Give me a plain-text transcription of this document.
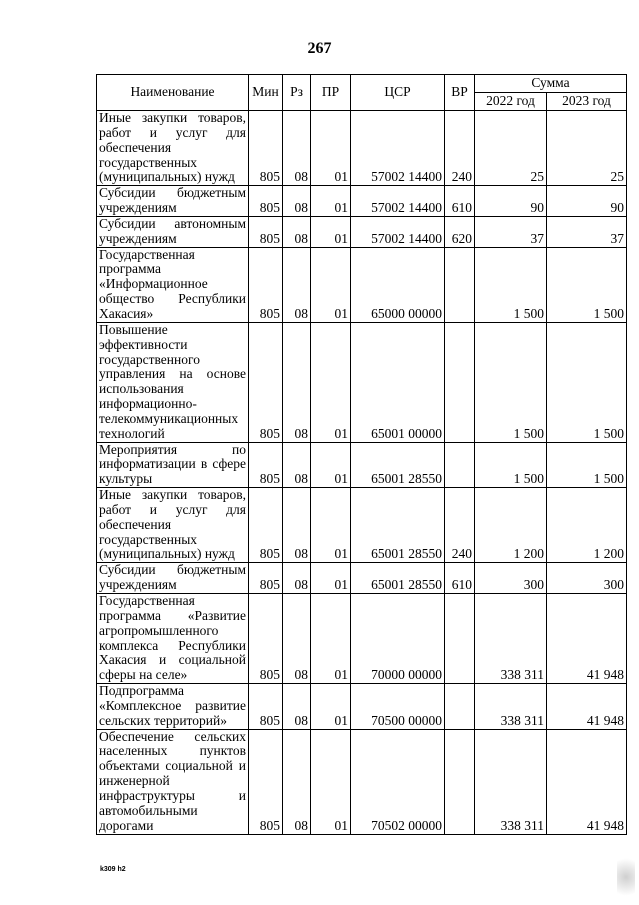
267
Наименование	Мин	Рз	ПР	ЦСР	ВР	Сумма	
						2022 год	2023 год
Иные закупки товаров, работ и услуг для обеспечения государственных (муниципальных) нужд	805	08	01	57002 14400	240	25	25
Субсидии бюджетным учреждениям	805	08	01	57002 14400	610	90	90
Субсидии автономным учреждениям	805	08	01	57002 14400	620	37	37
Государственная программа «Информационное общество Республики Хакасия»	805	08	01	65000 00000		1 500	1 500
Повышение эффективности государственного управления на основе использования информационно-телекоммуникационных технологий	805	08	01	65001 00000		1 500	1 500
Мероприятия по информатизации в сфере культуры	805	08	01	65001 28550		1 500	1 500
Иные закупки товаров, работ и услуг для обеспечения государственных (муниципальных) нужд	805	08	01	65001 28550	240	1 200	1 200
Субсидии бюджетным учреждениям	805	08	01	65001 28550	610	300	300
Государственная программа «Развитие агропромышленного комплекса Республики Хакасия и социальной сферы на селе»	805	08	01	70000 00000		338 311	41 948
Подпрограмма «Комплексное развитие сельских территорий»	805	08	01	70500 00000		338 311	41 948
Обеспечение сельских населенных пунктов объектами социальной и инженерной инфраструктуры и автомобильными дорогами	805	08	01	70502 00000		338 311	41 948
k309 h2
